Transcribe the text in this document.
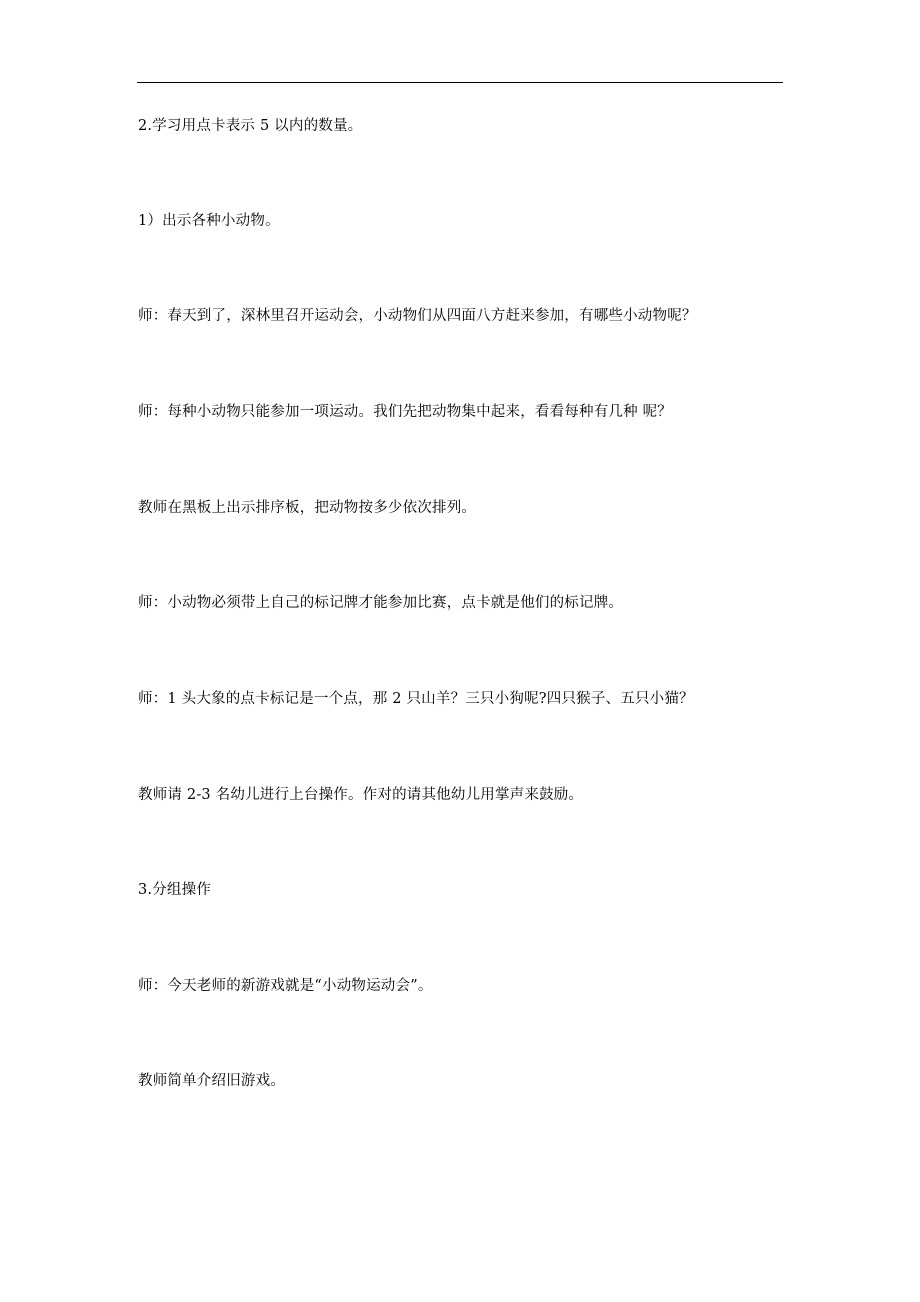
2.学习用点卡表示 5 以内的数量。

1）出示各种小动物。

师：春天到了，深林里召开运动会，小动物们从四面八方赶来参加，有哪些小动物呢？

师：每种小动物只能参加一项运动。我们先把动物集中起来，看看每种有几种 呢？

教师在黑板上出示排序板，把动物按多少依次排列。

师：小动物必须带上自己的标记牌才能参加比赛，点卡就是他们的标记牌。

师：1 头大象的点卡标记是一个点，那 2 只山羊？三只小狗呢?四只猴子、五只小猫？

教师请 2-3 名幼儿进行上台操作。作对的请其他幼儿用掌声来鼓励。

3.分组操作

师：今天老师的新游戏就是“小动物运动会”。

教师简单介绍旧游戏。
